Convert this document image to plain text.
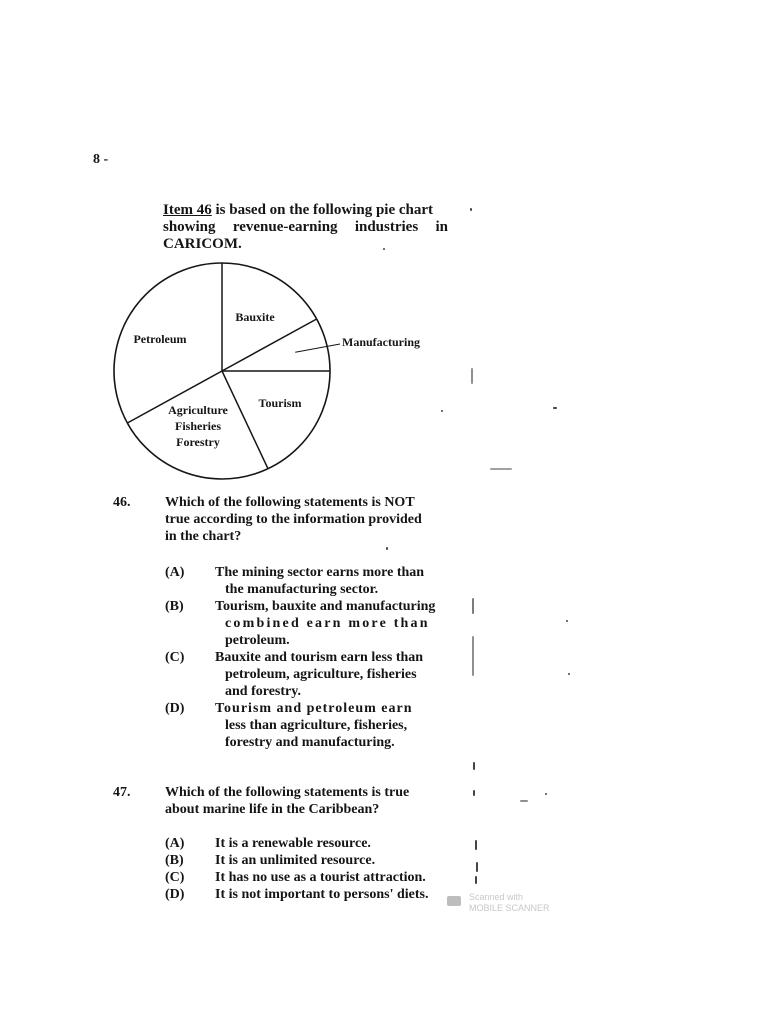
8 -
Item 46 is based on the following pie chart
showing revenue-earning industries in
CARICOM.
Bauxite
Manufacturing
Tourism
Agriculture Fisheries Forestry
Petroleum
46. Which of the following statements is NOT
true according to the information provided
in the chart?
(A) The mining sector earns more than
the manufacturing sector.
(B) Tourism, bauxite and manufacturing
combined earn more than
petroleum.
(C) Bauxite and tourism earn less than
petroleum, agriculture, fisheries
and forestry.
(D) Tourism and petroleum earn
less than agriculture, fisheries,
forestry and manufacturing.
47. Which of the following statements is true
about marine life in the Caribbean?
(A) It is a renewable resource.
(B) It is an unlimited resource.
(C) It has no use as a tourist attraction.
(D) It is not important to persons' diets.	Scanned with
MOBILE SCANNER
